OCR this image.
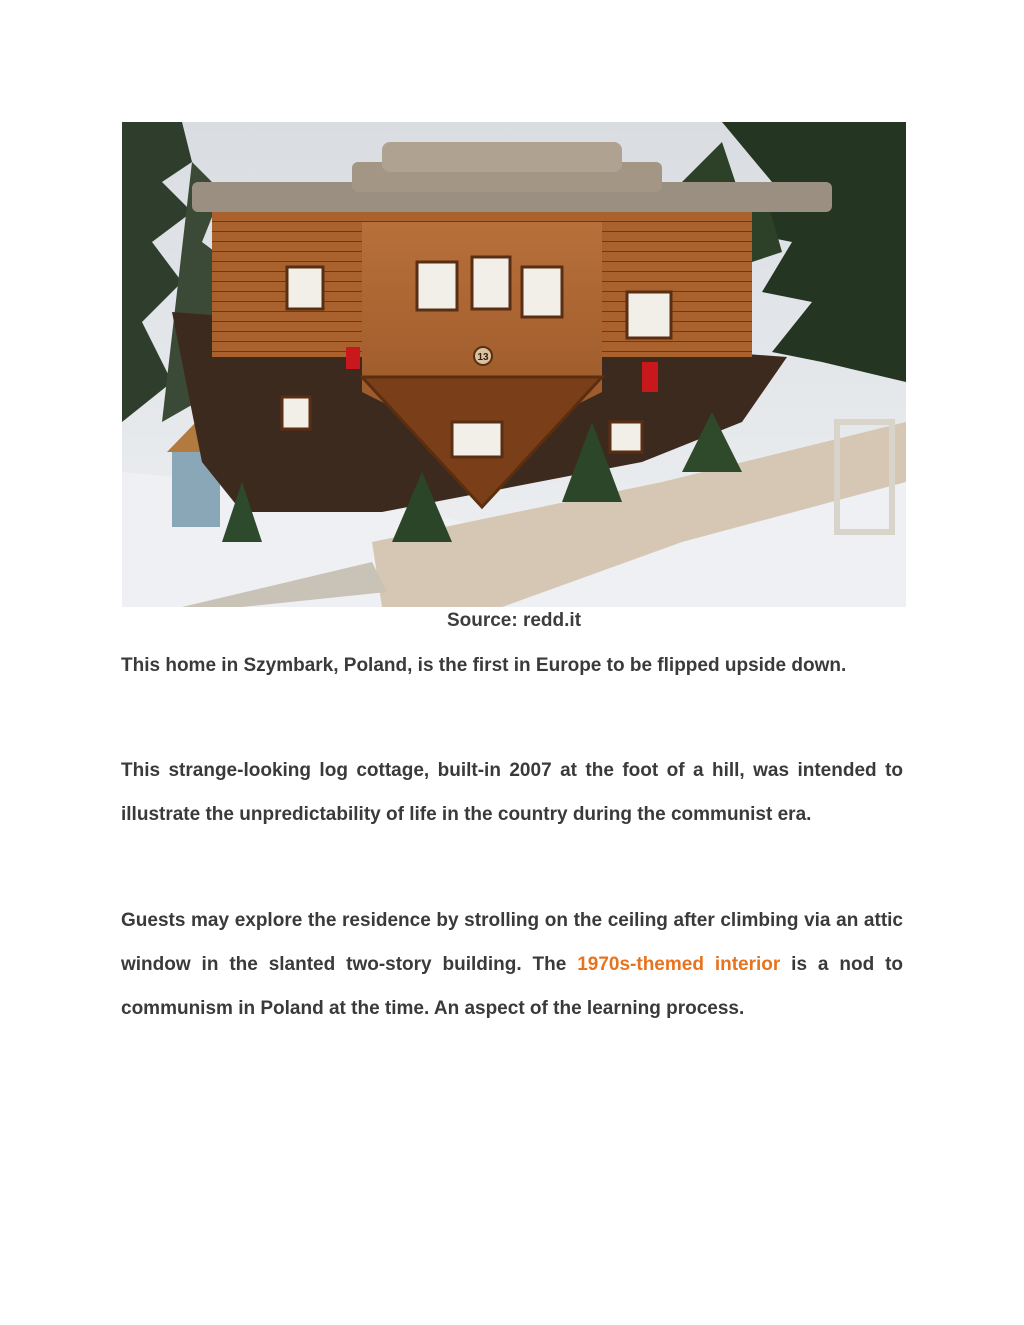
13
Source: redd.it

This home in Szymbark, Poland, is the first in Europe to be flipped upside down.

This strange-looking log cottage, built-in 2007 at the foot of a hill, was intended to illustrate the unpredictability of life in the country during the communist era.

Guests may explore the residence by strolling on the ceiling after climbing via an attic window in the slanted two-story building. The 1970s-themed interior is a nod to communism in Poland at the time. An aspect of the learning process.
